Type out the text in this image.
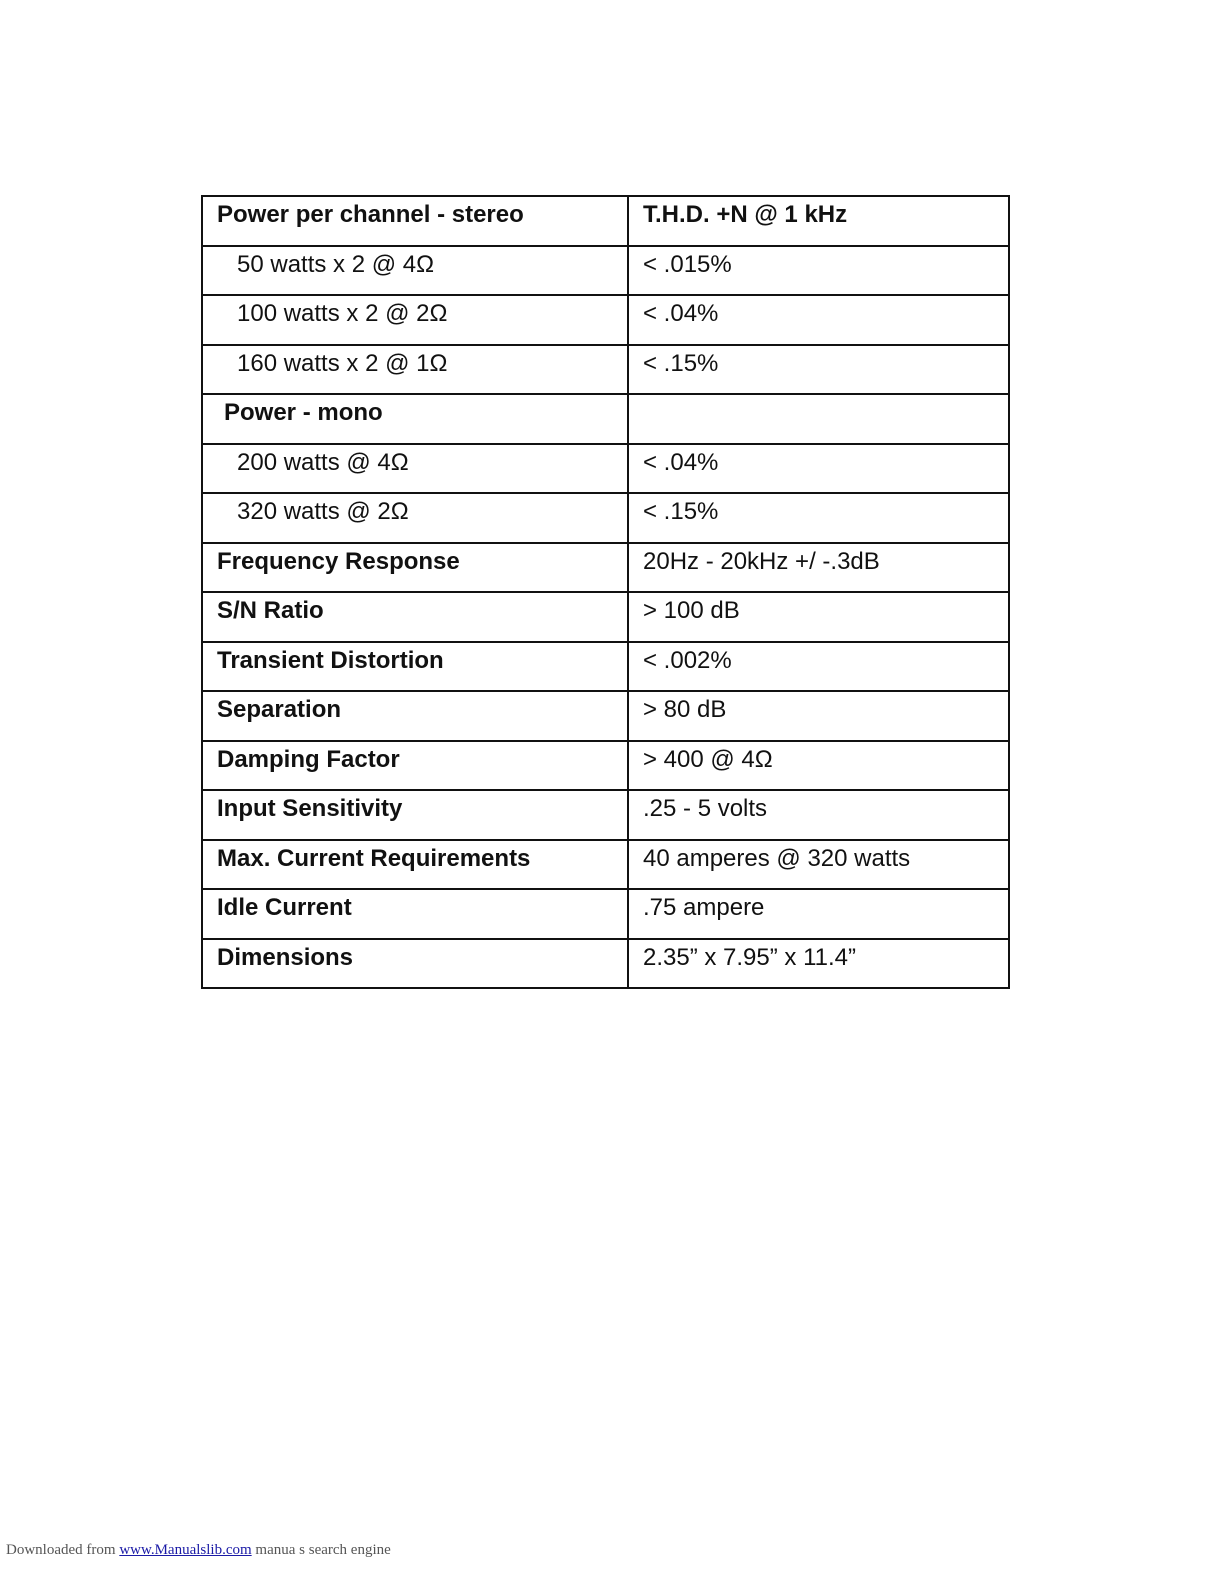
Power per channel - stereo	T.H.D. +N @ 1 kHz
50 watts x 2 @ 4Ω	< .015%
100 watts x 2 @ 2Ω	< .04%
160 watts x 2 @ 1Ω	< .15%
Power - mono	
200 watts @ 4Ω	< .04%
320 watts @ 2Ω	< .15%
Frequency Response	20Hz - 20kHz +/ -.3dB
S/N Ratio	> 100 dB
Transient Distortion	< .002%
Separation	> 80 dB
Damping Factor	> 400 @ 4Ω
Input Sensitivity	.25 - 5 volts
Max. Current Requirements	40 amperes @ 320 watts
Idle Current	.75 ampere
Dimensions	2.35” x 7.95” x 11.4”
Downloaded from www.Manualslib.com manua s search engine
